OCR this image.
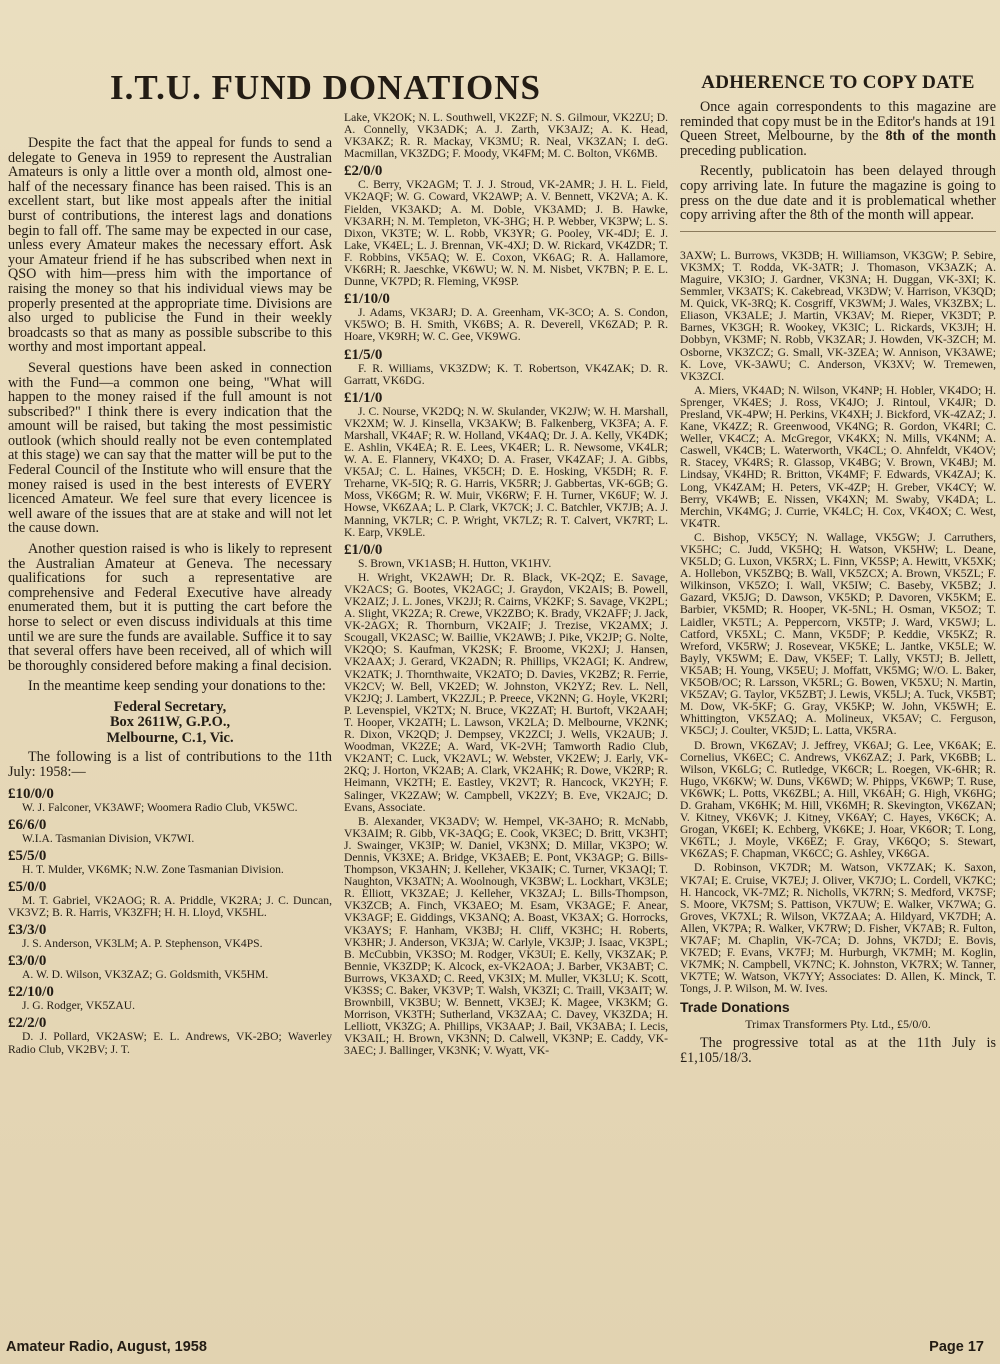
I.T.U. FUND DONATIONS

Despite the fact that the appeal for funds to send a delegate to Geneva in 1959 to represent the Australian Amateurs is only a little over a month old, almost one-half of the necessary finance has been raised. This is an excellent start, but like most appeals after the initial burst of contributions, the interest lags and donations begin to fall off. The same may be expected in our case, unless every Amateur makes the necessary effort. Ask your Amateur friend if he has subscribed when next in QSO with him—press him with the importance of raising the money so that his individual views may be properly presented at the appropriate time. Divisions are also urged to publicise the Fund in their weekly broadcasts so that as many as possible subscribe to this worthy and most important appeal.

Several questions have been asked in connection with the Fund—a common one being, "What will happen to the money raised if the full amount is not subscribed?" I think there is every indication that the amount will be raised, but taking the most pessimistic outlook (which should really not be even contemplated at this stage) we can say that the matter will be put to the Federal Council of the Institute who will ensure that the money raised is used in the best interests of EVERY licenced Amateur. We feel sure that every licencee is well aware of the issues that are at stake and will not let the cause down.

Another question raised is who is likely to represent the Australian Amateur at Geneva. The necessary qualifications for such a representative are comprehensive and Federal Executive have already enumerated them, but it is putting the cart before the horse to select or even discuss individuals at this time until we are sure the funds are available. Suffice it to say that several offers have been received, all of which will be thoroughly considered before making a final decision.

In the meantime keep sending your donations to the:

Federal Secretary,
Box 2611W, G.P.O.,
Melbourne, C.1, Vic.

The following is a list of contributions to the 11th July: 1958:—

£10/0/0
W. J. Falconer, VK3AWF; Woomera Radio Club, VK5WC.
£6/6/0
W.I.A. Tasmanian Division, VK7WI.
£5/5/0
H. T. Mulder, VK6MK; N.W. Zone Tasmanian Division.
£5/0/0
M. T. Gabriel, VK2AOG; R. A. Priddle, VK2RA; J. C. Duncan, VK3VZ; B. R. Harris, VK3ZFH; H. H. Lloyd, VK5HL.
£3/3/0
J. S. Anderson, VK3LM; A. P. Stephenson, VK4PS.
£3/0/0
A. W. D. Wilson, VK3ZAZ; G. Goldsmith, VK5HM.
£2/10/0
J. G. Rodger, VK5ZAU.
£2/2/0
D. J. Pollard, VK2ASW; E. L. Andrews, VK-2BO; Waverley Radio Club, VK2BV; J. T.
Lake, VK2OK; N. L. Southwell, VK2ZF; N. S. Gilmour, VK2ZU; D. A. Connelly, VK3ADK; A. J. Zarth, VK3AJZ; A. K. Head, VK3AKZ; R. R. Mackay, VK3MU; R. Neal, VK3ZAN; I. deG. Macmillan, VK3ZDG; F. Moody, VK4FM; M. C. Bolton, VK6MB.
£2/0/0
C. Berry, VK2AGM; T. J. J. Stroud, VK-2AMR; J. H. L. Field, VK2AQF; W. G. Coward, VK2AWP; A. V. Bennett, VK2VA; A. K. Fielden, VK3AKD; A. M. Doble, VK3AMD; J. B. Hawke, VK3ARH; N. M. Templeton, VK-3HG; H. P. Webber, VK3PW; L. S. Dixon, VK3TE; W. L. Robb, VK3YR; G. Pooley, VK-4DJ; E. J. Lake, VK4EL; L. J. Brennan, VK-4XJ; D. W. Rickard, VK4ZDR; T. F. Robbins, VK5AQ; W. E. Coxon, VK6AG; R. A. Hallamore, VK6RH; R. Jaeschke, VK6WU; W. N. M. Nisbet, VK7BN; P. E. L. Dunne, VK7PD; R. Fleming, VK9SP.
£1/10/0
J. Adams, VK3ARJ; D. A. Greenham, VK-3CO; A. S. Condon, VK5WO; B. H. Smith, VK6BS; A. R. Deverell, VK6ZAD; P. R. Hoare, VK9RH; W. C. Gee, VK9WG.
£1/5/0
F. R. Williams, VK3ZDW; K. T. Robertson, VK4ZAK; D. R. Garratt, VK6DG.
£1/1/0
J. C. Nourse, VK2DQ; N. W. Skulander, VK2JW; W. H. Marshall, VK2XM; W. J. Kinsella, VK3AKW; B. Falkenberg, VK3FA; A. F. Marshall, VK4AF; R. W. Holland, VK4AQ; Dr. J. A. Kelly, VK4DK; E. Ashlin, VK4EA; R. E. Lees, VK4ER; L. R. Newsome, VK4LR; W. A. E. Flannery, VK4XO; D. A. Fraser, VK4ZAF; J. A. Gibbs, VK5AJ; C. L. Haines, VK5CH; D. E. Hosking, VK5DH; R. F. Treharne, VK-5IQ; R. G. Harris, VK5RR; J. Gabbertas, VK-6GB; G. Moss, VK6GM; R. W. Muir, VK6RW; F. H. Turner, VK6UF; W. J. Howse, VK6ZAA; L. P. Clark, VK7CK; J. C. Batchler, VK7JB; A. J. Manning, VK7LR; C. P. Wright, VK7LZ; R. T. Calvert, VK7RT; L. K. Earp, VK9LE.
£1/0/0
S. Brown, VK1ASB; H. Hutton, VK1HV.
H. Wright, VK2AWH; Dr. R. Black, VK-2QZ; E. Savage, VK2ACS; G. Bootes, VK2AGC; J. Graydon, VK2AIS; B. Powell, VK2AIZ; J. L. Jones, VK2JJ; R. Cairns, VK2KF; S. Savage, VK2PL; A. Slight, VK2ZA; R. Crewe, VK2ZBO; K. Brady, VK2AFF; J. Jack, VK-2AGX; R. Thornburn, VK2AIF; J. Trezise, VK2AMX; J. Scougall, VK2ASC; W. Baillie, VK2AWB; J. Pike, VK2JP; G. Nolte, VK2QO; S. Kaufman, VK2SK; F. Broome, VK2XJ; J. Hansen, VK2AAX; J. Gerard, VK2ADN; R. Phillips, VK2AGI; K. Andrew, VK2ATK; J. Thornthwaite, VK2ATO; D. Davies, VK2BZ; R. Ferrie, VK2CV; W. Bell, VK2ED; W. Johnston, VK2YZ; Rev. L. Nell, VK2JQ; J. Lambert, VK2ZJL; P. Preece, VK2NN; G. Hoyle, VK2RI; P. Levenspiel, VK2TX; N. Bruce, VK2ZAT; H. Burtoft, VK2AAH; T. Hooper, VK2ATH; L. Lawson, VK2LA; D. Melbourne, VK2NK; R. Dixon, VK2QD; J. Dempsey, VK2ZCI; J. Wells, VK2AUB; J. Woodman, VK2ZE; A. Ward, VK-2VH; Tamworth Radio Club, VK2ANT; C. Luck, VK2AVL; W. Webster, VK2EW; J. Early, VK-2KQ; J. Horton, VK2AB; A. Clark, VK2AHK; R. Dowe, VK2RP; R. Heimann, VK2TH; E. Eastley, VK2VT; R. Hancock, VK2YH; F. Salinger, VK2ZAW; W. Campbell, VK2ZY; B. Eve, VK2AJC; D. Evans, Associate.
B. Alexander, VK3ADV; W. Hempel, VK-3AHO; R. McNabb, VK3AIM; R. Gibb, VK-3AQG; E. Cook, VK3EC; D. Britt, VK3HT; J. Swainger, VK3IP; W. Daniel, VK3NX; D. Millar, VK3PO; W. Dennis, VK3XE; A. Bridge, VK3AEB; E. Pont, VK3AGP; G. Bills-Thompson, VK3AHN; J. Kelleher, VK3AIK; C. Turner, VK3AQI; T. Naughton, VK3ATN; A. Woolnough, VK3BW; L. Lockhart, VK3LE; R. Elliott, VK3ZAE; J. Kelleher, VK3ZAJ; L. Bills-Thompson, VK3ZCB; A. Finch, VK3AEO; M. Esam, VK3AGE; F. Anear, VK3AGF; E. Giddings, VK3ANQ; A. Boast, VK3AX; G. Horrocks, VK3AYS; F. Hanham, VK3BJ; H. Cliff, VK3HC; H. Roberts, VK3HR; J. Anderson, VK3JA; W. Carlyle, VK3JP; J. Isaac, VK3PL; B. McCubbin, VK3SO; M. Rodger, VK3UI; E. Kelly, VK3ZAK; P. Bennie, VK3ZDP; K. Alcock, ex-VK2AOA; J. Barber, VK3ABT; C. Burrows, VK3AXD; C. Reed, VK3IX; M. Muller, VK3LU; K. Scott, VK3SS; C. Baker, VK3VP; T. Walsh, VK3ZI; C. Traill, VK3AIT; W. Brownbill, VK3BU; W. Bennett, VK3EJ; K. Magee, VK3KM; G. Morrison, VK3TH; Sutherland, VK3ZAA; C. Davey, VK3ZDA; H. Lelliott, VK3ZG; A. Phillips, VK3AAP; J. Bail, VK3ABA; I. Lecis, VK3AIL; H. Brown, VK3NN; D. Calwell, VK3NP; E. Caddy, VK-3AEC; J. Ballinger, VK3NK; V. Wyatt, VK-
ADHERENCE TO COPY DATE

Once again correspondents to this magazine are reminded that copy must be in the Editor's hands at 191 Queen Street, Melbourne, by the 8th of the month preceding publication.

Recently, publicatoin has been delayed through copy arriving late. In future the magazine is going to press on the due date and it is problematical whether copy arriving after the 8th of the month will appear.

3AXW; L. Burrows, VK3DB; H. Williamson, VK3GW; P. Sebire, VK3MX; T. Rodda, VK-3ATR; J. Thomason, VK3AZK; A. Maguire, VK3IO; J. Gardner, VK3NA; H. Duggan, VK-3XI; K. Semmler, VK3ATS; K. Cakebread, VK3DW; V. Harrison, VK3QD; M. Quick, VK-3RQ; K. Cosgriff, VK3WM; J. Wales, VK3ZBX; L. Eliason, VK3ALE; J. Martin, VK3AV; M. Rieper, VK3DT; P. Barnes, VK3GH; R. Wookey, VK3IC; L. Rickards, VK3JH; H. Dobbyn, VK3MF; N. Robb, VK3ZAR; J. Howden, VK-3ZCH; M. Osborne, VK3ZCZ; G. Small, VK-3ZEA; W. Annison, VK3AWE; K. Love, VK-3AWU; C. Anderson, VK3XV; W. Tremewen, VK3ZCI.
A. Miers, VK4AD; N. Wilson, VK4NP; H. Hobler, VK4DO; H. Sprenger, VK4ES; J. Ross, VK4JO; J. Rintoul, VK4JR; D. Presland, VK-4PW; H. Perkins, VK4XH; J. Bickford, VK-4ZAZ; J. Kane, VK4ZZ; R. Greenwood, VK4NG; R. Gordon, VK4RI; C. Weller, VK4CZ; A. McGregor, VK4KX; N. Mills, VK4NM; A. Caswell, VK4CB; L. Waterworth, VK4CL; O. Ahnfeldt, VK4OV; R. Stacey, VK4RS; R. Glassop, VK4BG; V. Brown, VK4BJ; M. Lindsay, VK4HD; R. Britton, VK4MF; F. Edwards, VK4ZAJ; K. Long, VK4ZAM; H. Peters, VK-4ZP; H. Greber, VK4CY; W. Berry, VK4WB; E. Nissen, VK4XN; M. Swaby, VK4DA; L. Merchin, VK4MG; J. Currie, VK4LC; H. Cox, VK4OX; C. West, VK4TR.
C. Bishop, VK5CY; N. Wallage, VK5GW; J. Carruthers, VK5HC; C. Judd, VK5HQ; H. Watson, VK5HW; L. Deane, VK5LD; G. Luxon, VK5RX; L. Finn, VK5SP; A. Hewitt, VK5XK; A. Hollebon, VK5ZBQ; B. Wall, VK5ZCX; A. Brown, VK5ZL; F. Wilkinson, VK5ZO; I. Wall, VK5IW; C. Baseby, VK5BZ; J. Gazard, VK5JG; D. Dawson, VK5KD; P. Davoren, VK5KM; E. Barbier, VK5MD; R. Hooper, VK-5NL; H. Osman, VK5OZ; T. Laidler, VK5TL; A. Peppercorn, VK5TP; J. Ward, VK5WJ; L. Catford, VK5XL; C. Mann, VK5DF; P. Keddie, VK5KZ; R. Wreford, VK5RW; J. Rosevear, VK5KE; L. Jantke, VK5LE; W. Bayly, VK5WM; E. Daw, VK5EF; T. Lally, VK5TJ; B. Jellett, VK5AB; H. Young, VK5EU; J. Moffatt, VK5MG; W/O. L. Baker, VK5OB/OC; R. Larsson, VK5RL; G. Bowen, VK5XU; N. Martin, VK5ZAV; G. Taylor, VK5ZBT; J. Lewis, VK5LJ; A. Tuck, VK5BT; M. Dow, VK-5KF; G. Gray, VK5KP; W. John, VK5WH; E. Whittington, VK5ZAQ; A. Molineux, VK5AV; C. Ferguson, VK5CJ; J. Coulter, VK5JD; L. Latta, VK5RA.
D. Brown, VK6ZAV; J. Jeffrey, VK6AJ; G. Lee, VK6AK; E. Cornelius, VK6EC; C. Andrews, VK6ZAZ; J. Park, VK6BB; L. Wilson, VK6LG; C. Rutledge, VK6CR; L. Roegen, VK-6HR; R. Hugo, VK6KW; W. Duns, VK6WD; W. Phipps, VK6WP; T. Ruse, VK6WK; L. Potts, VK6ZBL; A. Hill, VK6AH; G. High, VK6HG; D. Graham, VK6HK; M. Hill, VK6MH; R. Skevington, VK6ZAN; V. Kitney, VK6VK; J. Kitney, VK6AY; C. Hayes, VK6CK; A. Grogan, VK6EI; K. Echberg, VK6KE; J. Hoar, VK6OR; T. Long, VK6TL; J. Moyle, VK6EZ; F. Gray, VK6QO; S. Stewart, VK6ZAS; F. Chapman, VK6CC; G. Ashley, VK6GA.
D. Robinson, VK7DR; M. Watson, VK7ZAK; K. Saxon, VK7AI; E. Cruise, VK7EJ; J. Oliver, VK7JO; L. Cordell, VK7KC; H. Hancock, VK-7MZ; R. Nicholls, VK7RN; S. Medford, VK7SF; S. Moore, VK7SM; S. Pattison, VK7UW; E. Walker, VK7WA; G. Groves, VK7XL; R. Wilson, VK7ZAA; A. Hildyard, VK7DH; A. Allen, VK7PA; R. Walker, VK7RW; D. Fisher, VK7AB; R. Fulton, VK7AF; M. Chaplin, VK-7CA; D. Johns, VK7DJ; E. Bovis, VK7ED; F. Evans, VK7FJ; M. Hurburgh, VK7MH; M. Koglin, VK7MK; N. Campbell, VK7NC; K. Johnston, VK7RX; W. Tanner, VK7TE; W. Watson, VK7YY; Associates: D. Allen, K. Minck, T. Tongs, J. P. Wilson, M. W. Ives.
Trade Donations
Trimax Transformers Pty. Ltd., £5/0/0.

The progressive total as at the 11th July is £1,105/18/3.

Amateur Radio, August, 1958	Page 17
